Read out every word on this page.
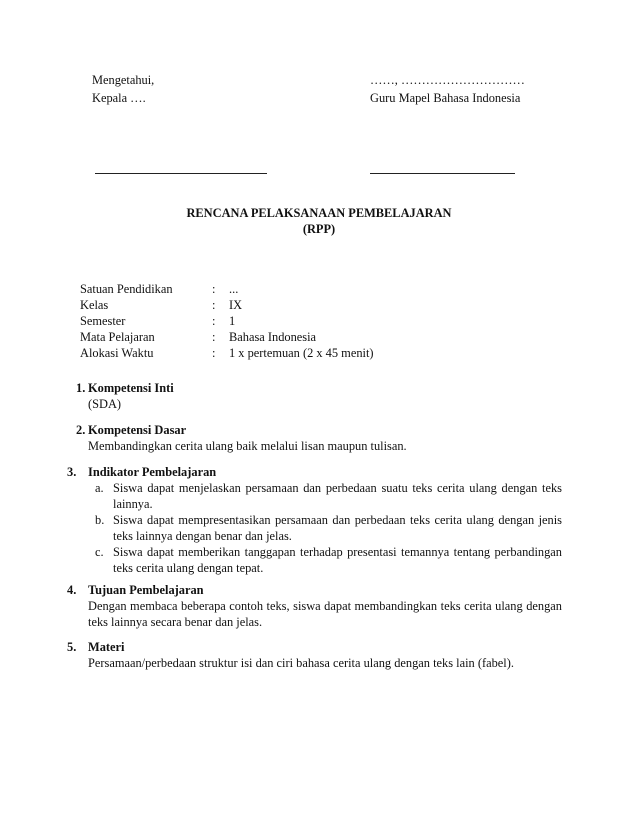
Mengetahui,
Kepala ….
……, …………………………
Guru Mapel Bahasa Indonesia
RENCANA PELAKSANAAN PEMBELAJARAN
(RPP)
Satuan Pendidikan	: ...
Kelas	: IX
Semester	: 1
Mata Pelajaran	: Bahasa Indonesia
Alokasi Waktu	: 1 x pertemuan (2 x 45 menit)
1. Kompetensi Inti
(SDA)
2. Kompetensi Dasar
Membandingkan cerita ulang baik melalui lisan maupun tulisan.
3. Indikator Pembelajaran
a. Siswa dapat menjelaskan persamaan dan perbedaan suatu teks cerita ulang dengan teks lainnya.
b. Siswa dapat mempresentasikan persamaan dan perbedaan teks cerita ulang dengan jenis teks lainnya dengan benar dan jelas.
c. Siswa dapat memberikan tanggapan terhadap presentasi temannya tentang perbandingan teks cerita ulang dengan tepat.
4. Tujuan Pembelajaran
Dengan membaca beberapa contoh teks, siswa dapat membandingkan teks cerita ulang dengan teks lainnya secara benar dan jelas.
5. Materi
Persamaan/perbedaan struktur isi dan ciri bahasa cerita ulang dengan teks lain (fabel).
